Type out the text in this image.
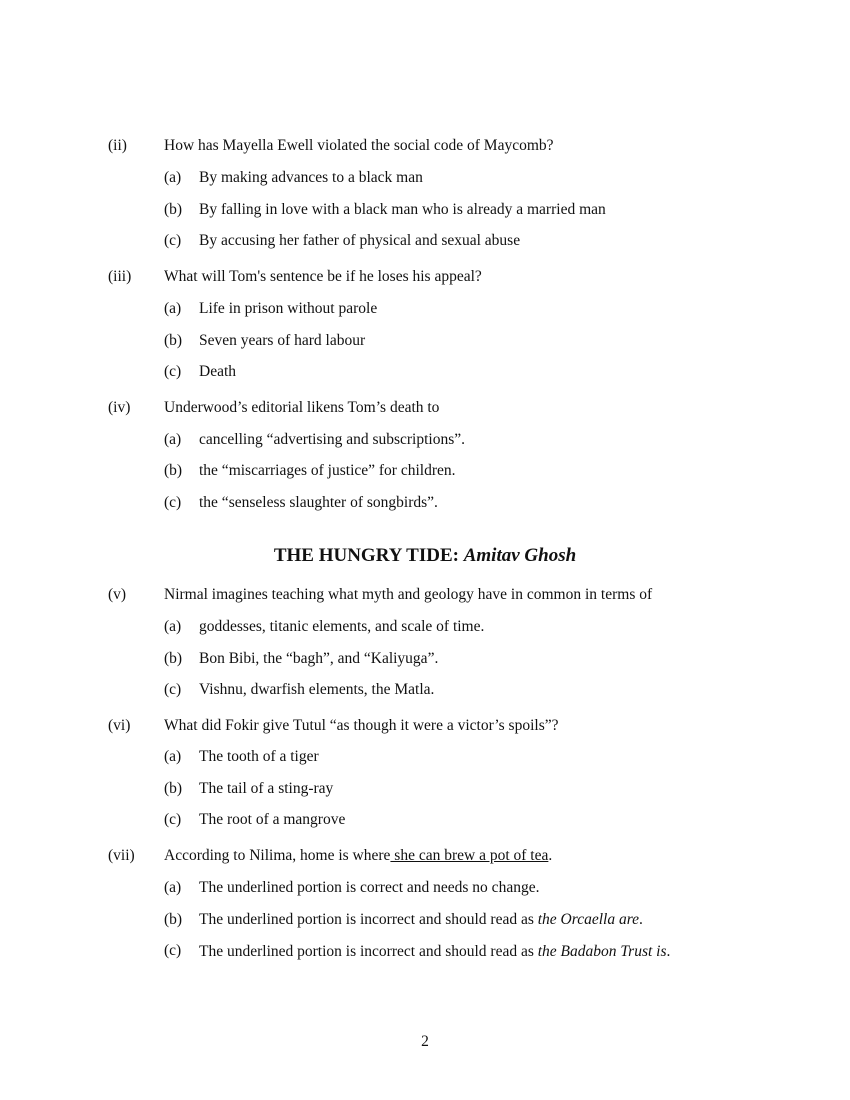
(ii) How has Mayella Ewell violated the social code of Maycomb?
(a) By making advances to a black man
(b) By falling in love with a black man who is already a married man
(c) By accusing her father of physical and sexual abuse
(iii) What will Tom's sentence be if he loses his appeal?
(a) Life in prison without parole
(b) Seven years of hard labour
(c) Death
(iv) Underwood’s editorial likens Tom’s death to
(a) cancelling “advertising and subscriptions”.
(b) the “miscarriages of justice” for children.
(c) the “senseless slaughter of songbirds”.
THE HUNGRY TIDE: Amitav Ghosh
(v) Nirmal imagines teaching what myth and geology have in common in terms of
(a) goddesses, titanic elements, and scale of time.
(b) Bon Bibi, the “bagh”, and “Kaliyuga”.
(c) Vishnu, dwarfish elements, the Matla.
(vi) What did Fokir give Tutul “as though it were a victor’s spoils”?
(a) The tooth of a tiger
(b) The tail of a sting-ray
(c) The root of a mangrove
(vii) According to Nilima, home is where she can brew a pot of tea.
(a) The underlined portion is correct and needs no change.
(b) The underlined portion is incorrect and should read as the Orcaella are.
(c) The underlined portion is incorrect and should read as the Badabon Trust is.
2
